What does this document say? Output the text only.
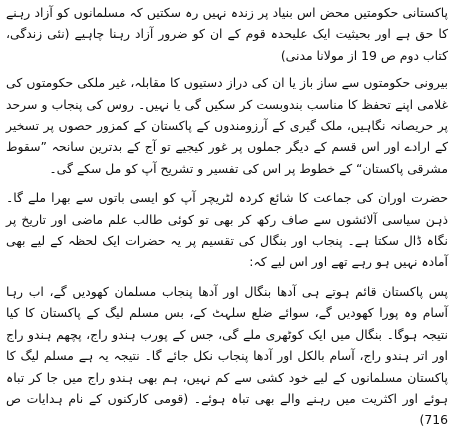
پاکستانی حکومتیں محض اس بنیاد پر زندہ نہیں رہ سکتیں کہ مسلمانوں کو آزاد رہنے کا حق ہے اور بحیثیت ایک علیحدہ قوم کے ان کو ضرور آزاد رہنا چاہیے (نئی زندگی، کتاب دوم ص 19 از مولانا مدنی)

بیرونی حکومتوں سے ساز باز یا ان کی دراز دستیوں کا مقابلہ، غیر ملکی حکومتوں کی غلامی اپنے تحفظ کا مناسب بندوبست کر سکیں گی یا نہیں۔ روس کی پنجاب و سرحد پر حریصانہ نگاہیں، ملک گیری کے آرزومندوں کے پاکستان کے کمزور حصوں پر تسخیر کے ارادے اور اس قسم کے دیگر جملوں پر غور کیجیے تو آج کے بدترین سانحہ ”سقوط مشرقی پاکستان“ کے خطوط پر اس کی تفسیر و تشریح آپ کو مل سکے گی۔

حضرت اوران کی جماعت کا شائع کردہ لٹریچر آپ کو ایسی باتوں سے بھرا ملے گا۔ ذہن سیاسی آلائشوں سے صاف رکھ کر بھی تو کوئی طالب علم ماضی اور تاریخ پر نگاہ ڈال سکتا ہے۔ پنجاب اور بنگال کی تقسیم پر یہ حضرات ایک لحظہ کے لیے بھی آمادہ نہیں ہو رہے تھے اور اس لیے کہ:

پس پاکستان قائم ہوتے ہی آدھا بنگال اور آدھا پنجاب مسلمان کھودیں گے، اب رہا آسام وہ پورا کھودیں گے، سوائے ضلع سلہٹ کے، بس مسلم لیگ کے پاکستان کا کیا نتیجہ ہوگا۔ بنگال میں ایک کوٹھری ملے گی، جس کے پورب ہندو راج، پچھم ہندو راج اور اتر ہندو راج، آسام بالکل اور آدھا پنجاب نکل جائے گا۔ نتیجہ یہ ہے مسلم لیگ کا پاکستان مسلمانوں کے لیے خود کشی سے کم نہیں، ہم بھی ہندو راج میں جا کر تباہ ہوئے اور اکثریت میں رہنے والے بھی تباہ ہوئے۔ (قومی کارکنوں کے نام ہدایات ص 716)
